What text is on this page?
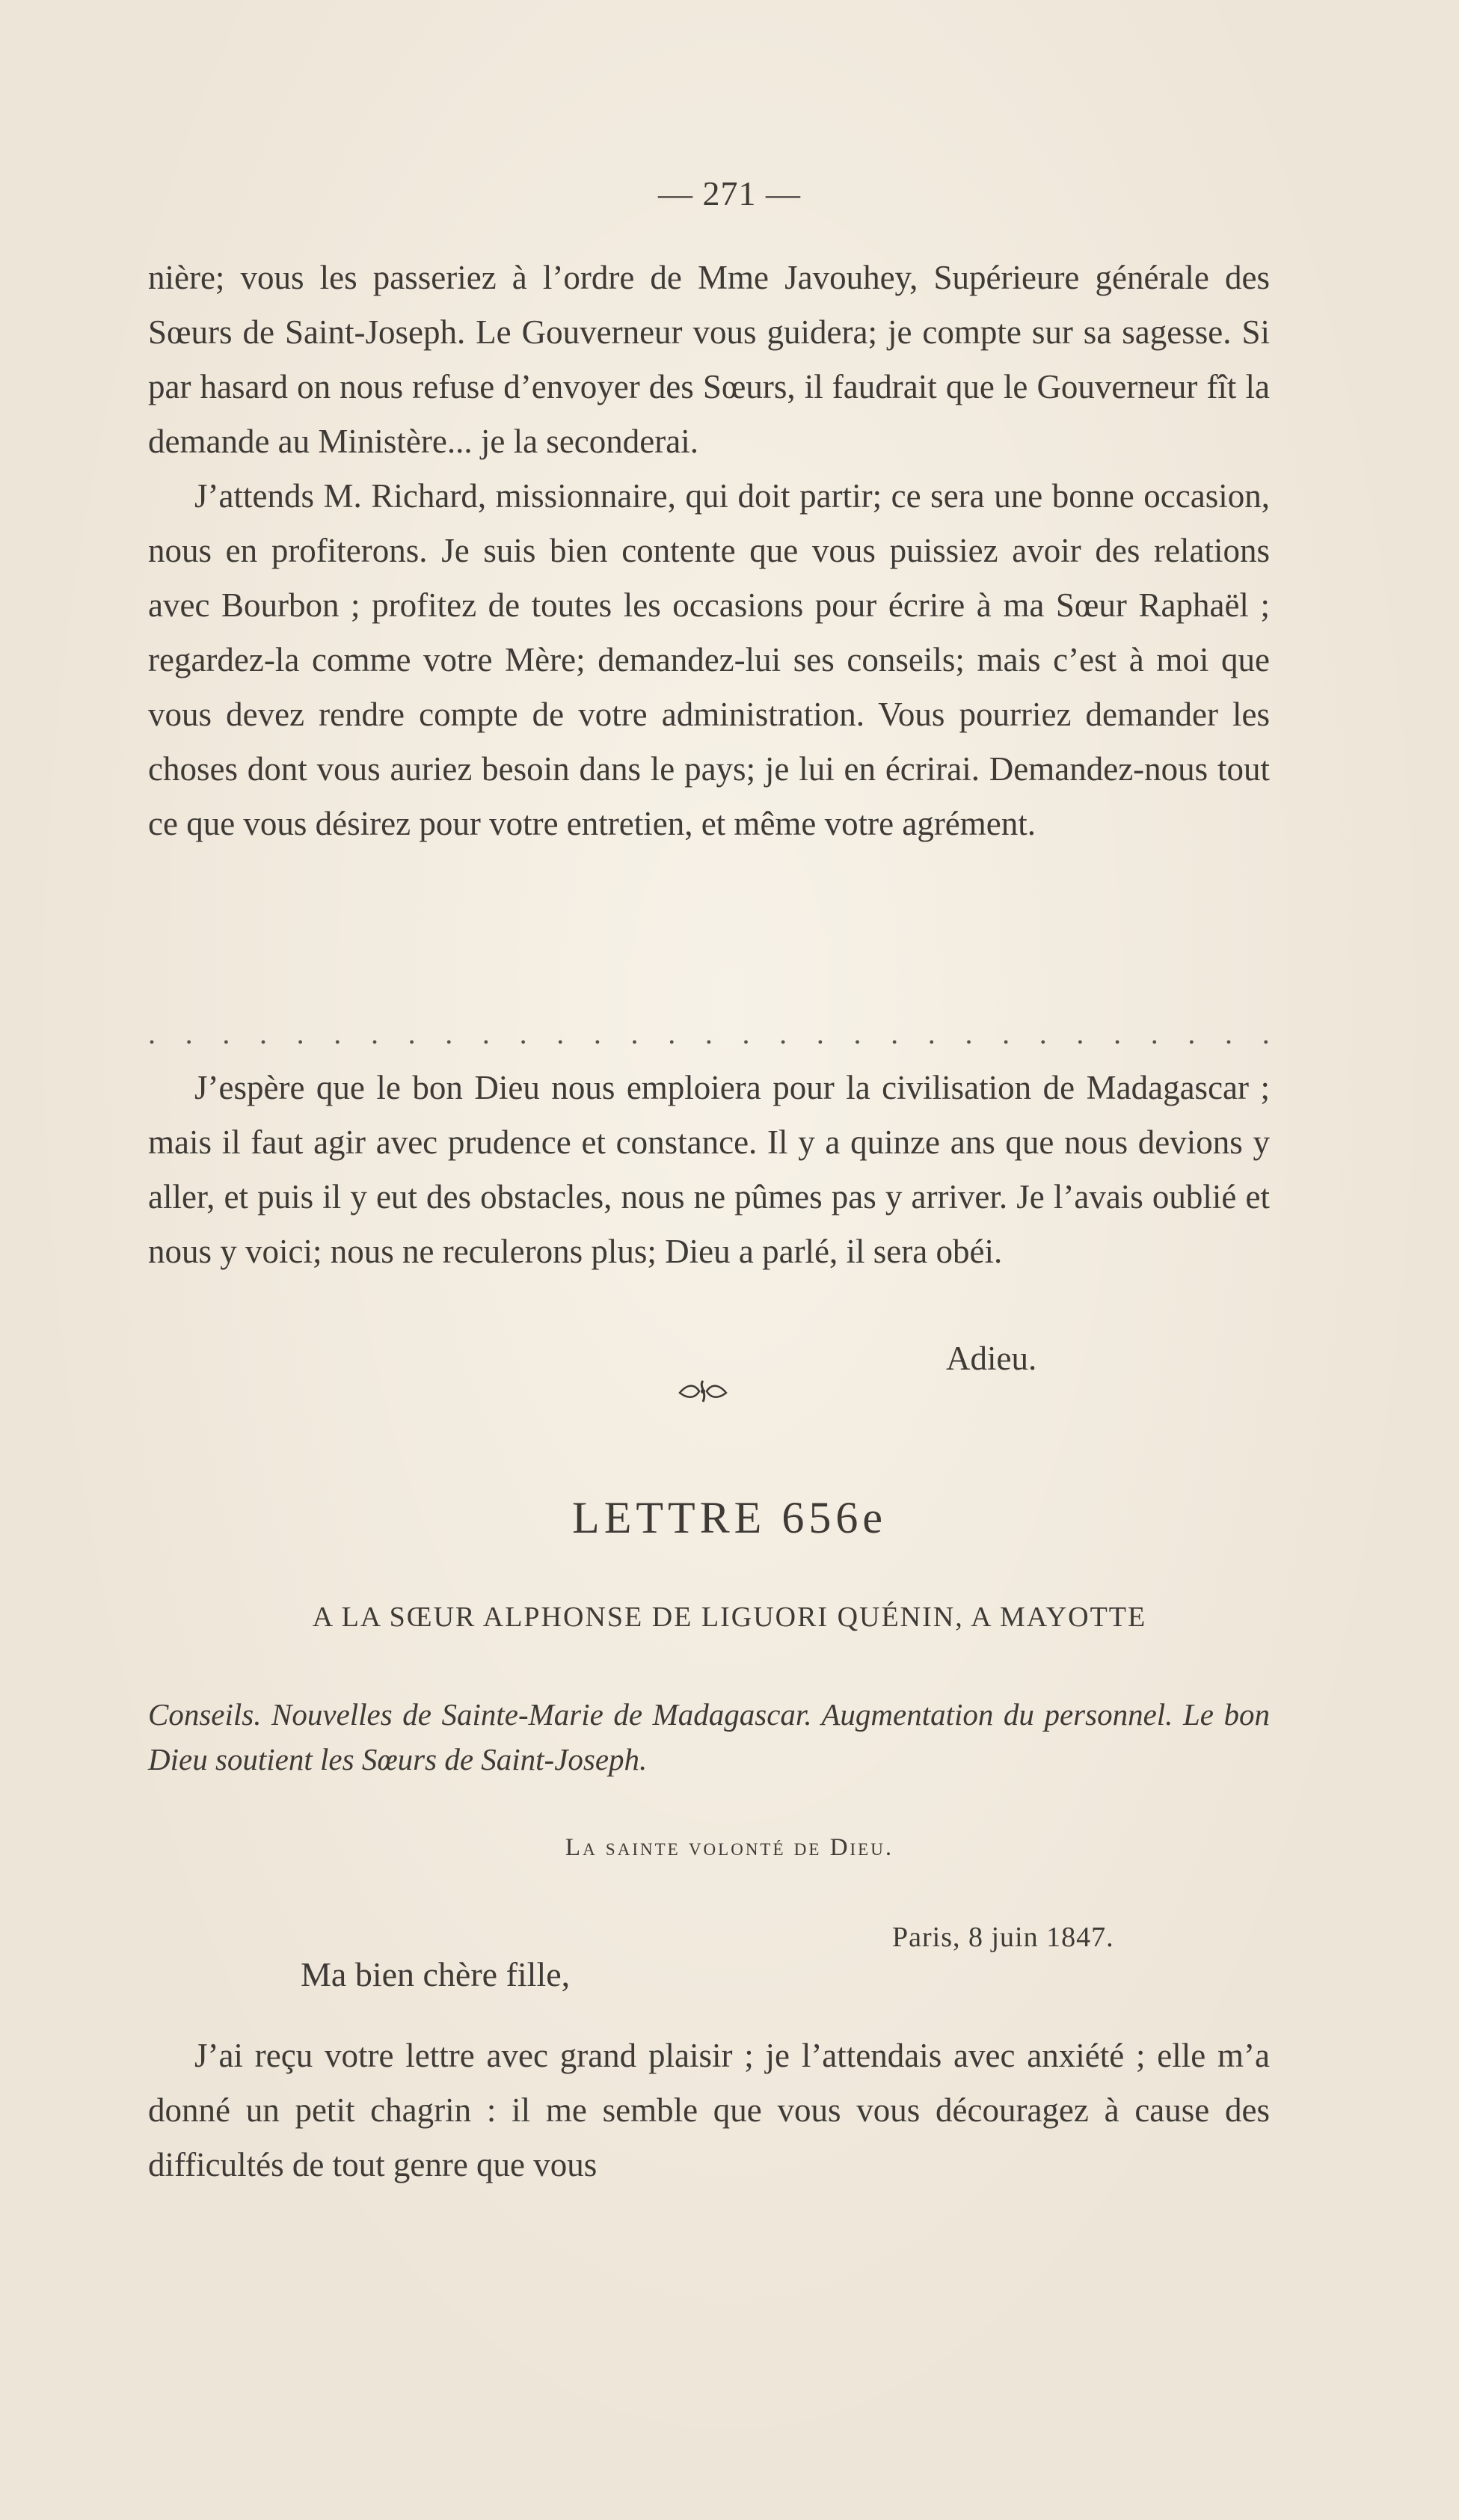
— 271 —

nière; vous les passeriez à l’ordre de Mme Javouhey, Supérieure générale des Sœurs de Saint-Joseph. Le Gouverneur vous guidera; je compte sur sa sagesse. Si par hasard on nous refuse d’envoyer des Sœurs, il faudrait que le Gouverneur fît la demande au Ministère... je la seconderai.

J’attends M. Richard, missionnaire, qui doit partir; ce sera une bonne occasion, nous en profiterons. Je suis bien contente que vous puissiez avoir des relations avec Bourbon ; profitez de toutes les occasions pour écrire à ma Sœur Raphaël ; regardez-la comme votre Mère; demandez-lui ses conseils; mais c’est à moi que vous devez rendre compte de votre administration. Vous pourriez demander les choses dont vous auriez besoin dans le pays; je lui en écrirai. Demandez-nous tout ce que vous désirez pour votre entretien, et même votre agrément.

. . . . . . . . . . . . . . . . . . . . . . . . . . . . . . .

J’espère que le bon Dieu nous emploiera pour la civilisation de Madagascar ; mais il faut agir avec prudence et constance. Il y a quinze ans que nous devions y aller, et puis il y eut des obstacles, nous ne pûmes pas y arriver. Je l’avais oublié et nous y voici; nous ne reculerons plus; Dieu a parlé, il sera obéi.

Adieu.
LETTRE 656e
A LA SŒUR ALPHONSE DE LIGUORI QUÉNIN, A MAYOTTE
Conseils. Nouvelles de Sainte-Marie de Madagascar. Augmentation du personnel. Le bon Dieu soutient les Sœurs de Saint-Joseph.
La sainte volonté de Dieu.
Paris, 8 juin 1847.
Ma bien chère fille,

J’ai reçu votre lettre avec grand plaisir ; je l’attendais avec anxiété ; elle m’a donné un petit chagrin : il me semble que vous vous découragez à cause des difficultés de tout genre que vous
